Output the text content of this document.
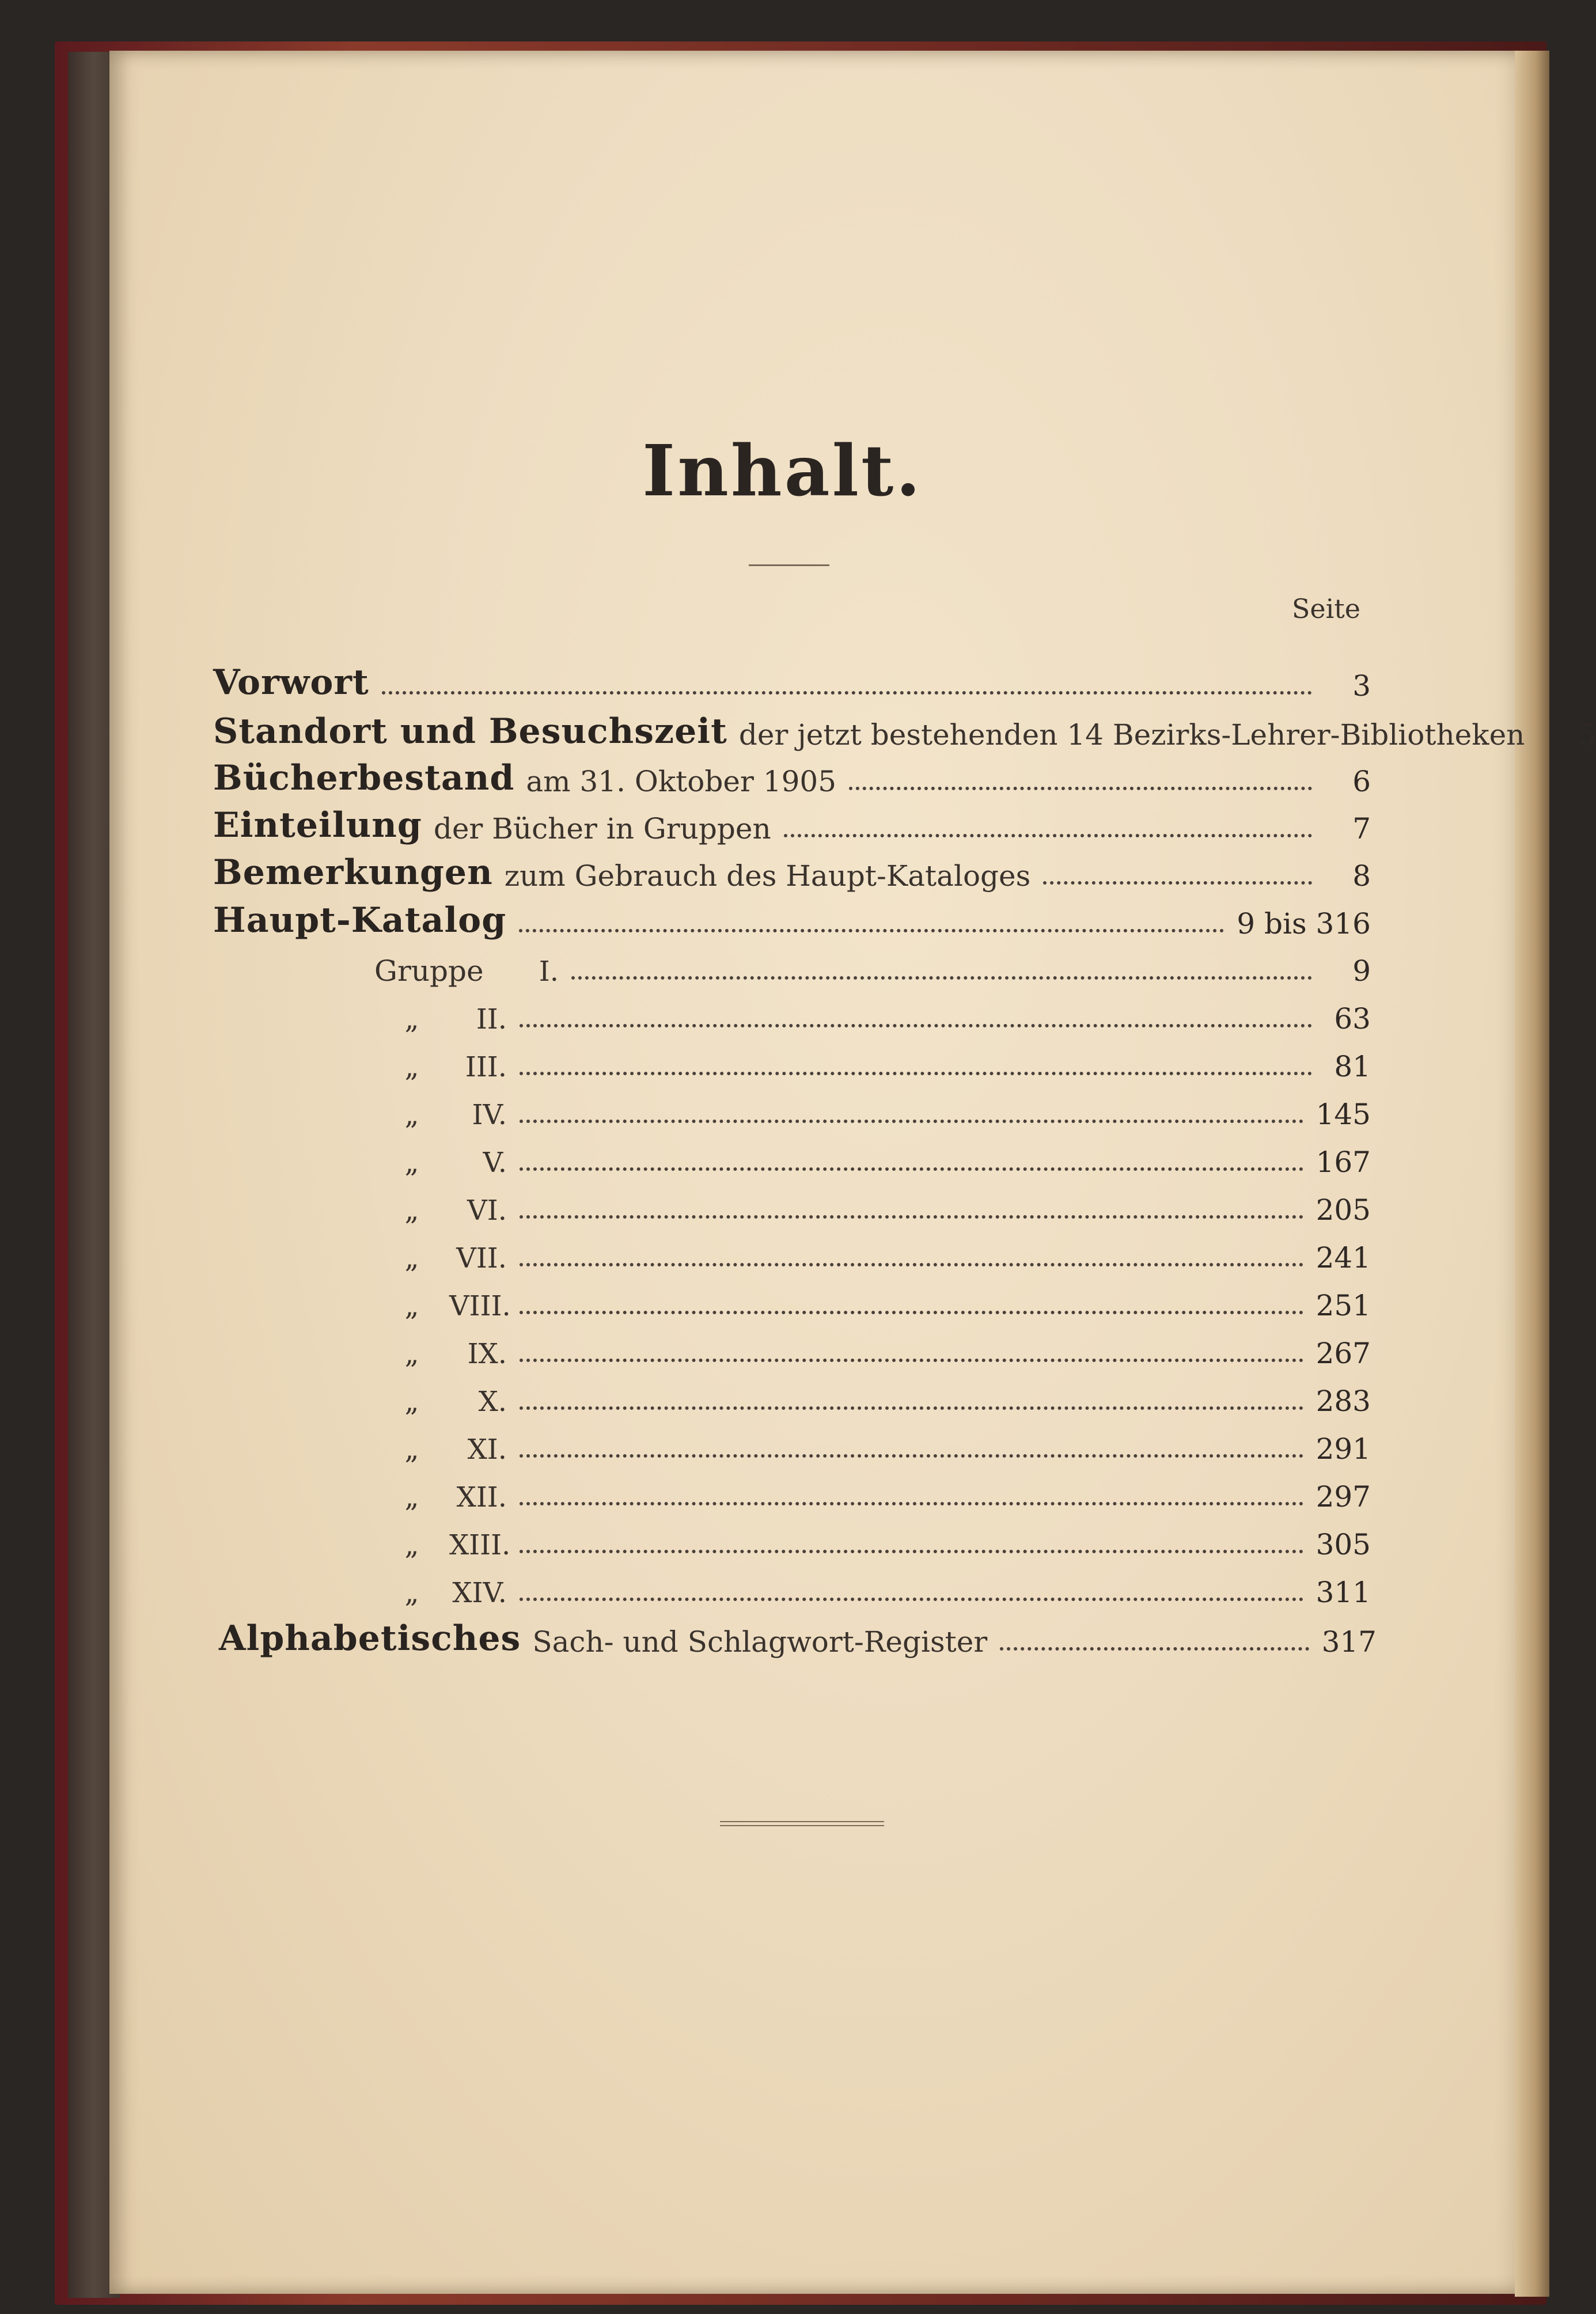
Inhalt.
Seite
Vorwort	3
Standort und Besuchszeit der jetzt bestehenden 14 Bezirks-Lehrer-Bibliotheken	5
Bücherbestand am 31. Oktober 1905	6
Einteilung der Bücher in Gruppen	7
Bemerkungen zum Gebrauch des Haupt-Kataloges	8
Haupt-Katalog	9 bis 316
Gruppe	I.	9
„	II.	63
„	III.	81
„	IV.	145
„	V.	167
„	VI.	205
„	VII.	241
„	VIII.	251
„	IX.	267
„	X.	283
„	XI.	291
„	XII.	297
„	XIII.	305
„	XIV.	311
Alphabetisches Sach- und Schlagwort-Register	317
